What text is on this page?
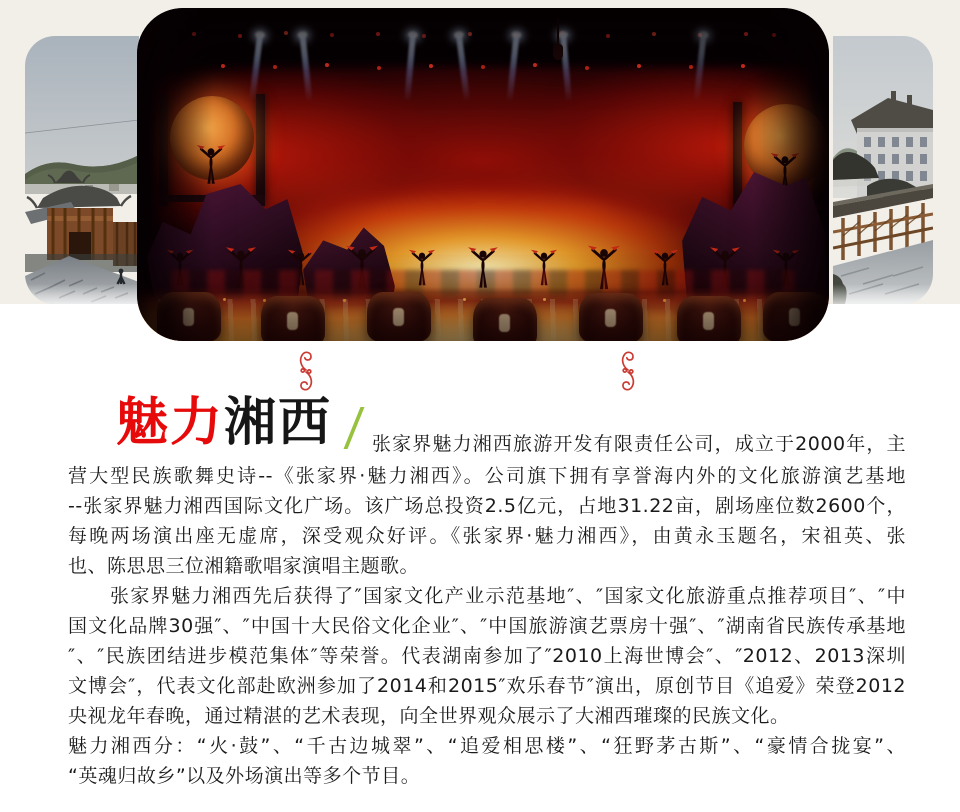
魅力湘西	张家界魅力湘西旅游开发有限责任公司，成立于2000年，主
营大型民族歌舞史诗--《张家界·魅力湘西》。公司旗下拥有享誉海内外的文化旅游演艺基地
--张家界魅力湘西国际文化广场。该广场总投资2.5亿元，占地31.22亩，剧场座位数2600个，
每晚两场演出座无虚席，深受观众好评。《张家界·魅力湘西》，由黄永玉题名，宋祖英、张
也、陈思思三位湘籍歌唱家演唱主题歌。
张家界魅力湘西先后获得了″国家文化产业示范基地″、″国家文化旅游重点推荐项目″、″中
国文化品牌30强″、″中国十大民俗文化企业″、″中国旅游演艺票房十强″、″湖南省民族传承基地
″、″民族团结进步模范集体″等荣誉。代表湖南参加了″2010上海世博会″、″2012、2013深圳
文博会″，代表文化部赴欧洲参加了2014和2015″欢乐春节″演出，原创节目《追爱》荣登2012
央视龙年春晚，通过精湛的艺术表现，向全世界观众展示了大湘西璀璨的民族文化。
魅力湘西分：“火·鼓”、“千古边城翠”、“追爱相思楼”、“狂野茅古斯”、“豪情合拢宴”、
“英魂归故乡”以及外场演出等多个节目。
